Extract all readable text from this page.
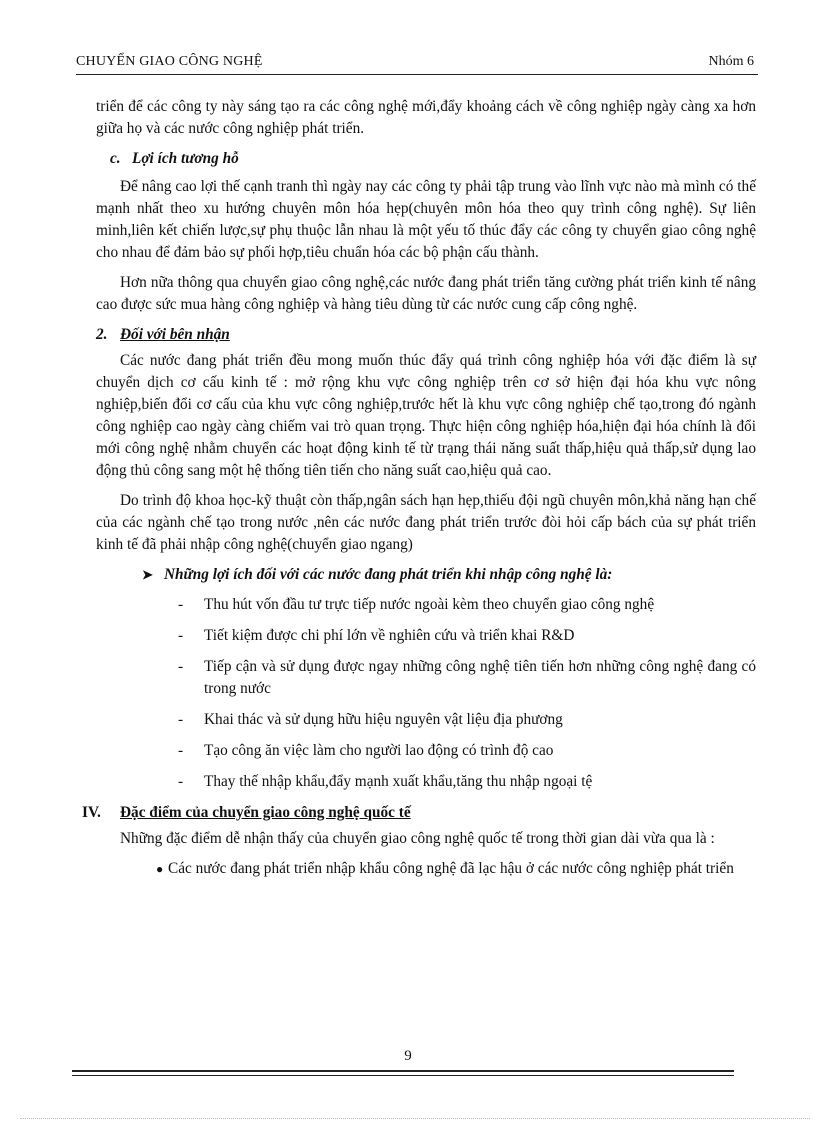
CHUYỂN GIAO CÔNG NGHỆ	Nhóm 6

triển để các công ty này sáng tạo ra các công nghệ mới,đẩy khoảng cách về công nghiệp ngày càng xa hơn giữa họ và các nước công nghiệp phát triển.

c. Lợi ích tương hỗ

Để nâng cao lợi thế cạnh tranh thì ngày nay các công ty phải tập trung vào lĩnh vực nào mà mình có thế mạnh nhất theo xu hướng chuyên môn hóa hẹp(chuyên môn hóa theo quy trình công nghệ). Sự liên minh,liên kết chiến lược,sự phụ thuộc lẫn nhau là một yếu tố thúc đẩy các công ty chuyển giao công nghệ cho nhau để đảm bảo sự phối hợp,tiêu chuẩn hóa các bộ phận cấu thành.

Hơn nữa thông qua chuyển giao công nghệ,các nước đang phát triển tăng cường phát triển kinh tế nâng cao được sức mua hàng công nghiệp và hàng tiêu dùng từ các nước cung cấp công nghệ.

2. Đối với bên nhận

Các nước đang phát triển đều mong muốn thúc đẩy quá trình công nghiệp hóa với đặc điểm là sự chuyển dịch cơ cấu kinh tế : mở rộng khu vực công nghiệp trên cơ sở hiện đại hóa khu vực nông nghiệp,biến đổi cơ cấu của khu vực công nghiệp,trước hết là khu vực công nghiệp chế tạo,trong đó ngành công nghiệp cao ngày càng chiếm vai trò quan trọng. Thực hiện công nghiệp hóa,hiện đại hóa chính là đổi mới công nghệ nhằm chuyển các hoạt động kinh tế từ trạng thái năng suất thấp,hiệu quả thấp,sử dụng lao động thủ công sang một hệ thống tiên tiến cho năng suất cao,hiệu quả cao.

Do trình độ khoa học-kỹ thuật còn thấp,ngân sách hạn hẹp,thiếu đội ngũ chuyên môn,khả năng hạn chế của các ngành chế tạo trong nước ,nên các nước đang phát triển trước đòi hỏi cấp bách của sự phát triển kinh tế đã phải nhập công nghệ(chuyển giao ngang)

➤ Những lợi ích đối với các nước đang phát triển khi nhập công nghệ là:
- Thu hút vốn đầu tư trực tiếp nước ngoài kèm theo chuyển giao công nghệ
- Tiết kiệm được chi phí lớn về nghiên cứu và triển khai R&D
- Tiếp cận và sử dụng được ngay những công nghệ tiên tiến hơn những công nghệ đang có trong nước
- Khai thác và sử dụng hữu hiệu nguyên vật liệu địa phương
- Tạo công ăn việc làm cho người lao động có trình độ cao
- Thay thế nhập khẩu,đẩy mạnh xuất khẩu,tăng thu nhập ngoại tệ
IV. Đặc điểm của chuyển giao công nghệ quốc tế

Những đặc điểm dễ nhận thấy của chuyển giao công nghệ quốc tế trong thời gian dài vừa qua là :

● Các nước đang phát triển nhập khẩu công nghệ đã lạc hậu ở các nước công nghiệp phát triển
9
